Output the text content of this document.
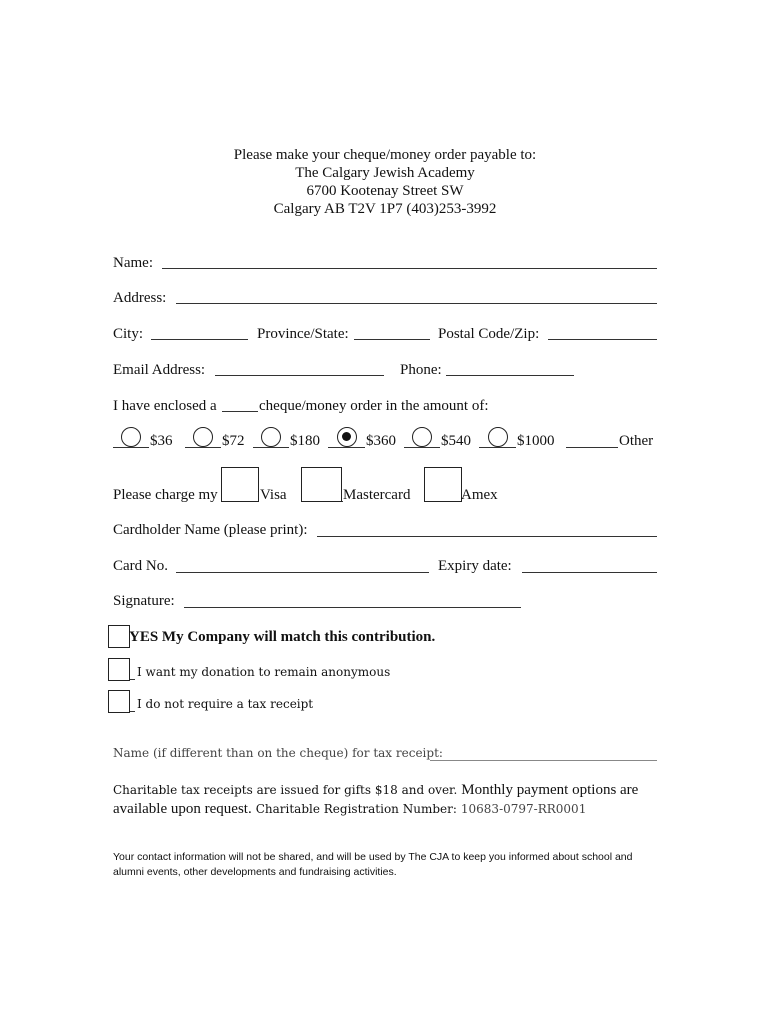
Please make your cheque/money order payable to:
The Calgary Jewish Academy
6700 Kootenay Street SW
Calgary AB T2V 1P7 (403)253-3992
Name:
Address:
City:	Province/State:	Postal Code/Zip:
Email Address:	Phone:
I have enclosed a	cheque/money order in the amount of:
$36	$72	$180	$360	$540	$1000	Other
Please charge my	Visa	Mastercard	Amex
Cardholder Name (please print):
Card No.	Expiry date:
Signature:
YES My Company will match this contribution.
I want my donation to remain anonymous
I do not require a tax receipt
Name (if different than on the cheque) for tax receipt:
Charitable tax receipts are issued for gifts $18 and over. Monthly payment options are
available upon request. Charitable Registration Number: 10683-0797-RR0001
Your contact information will not be shared, and will be used by The CJA to keep you informed about school and alumni events, other developments and fundraising activities.
